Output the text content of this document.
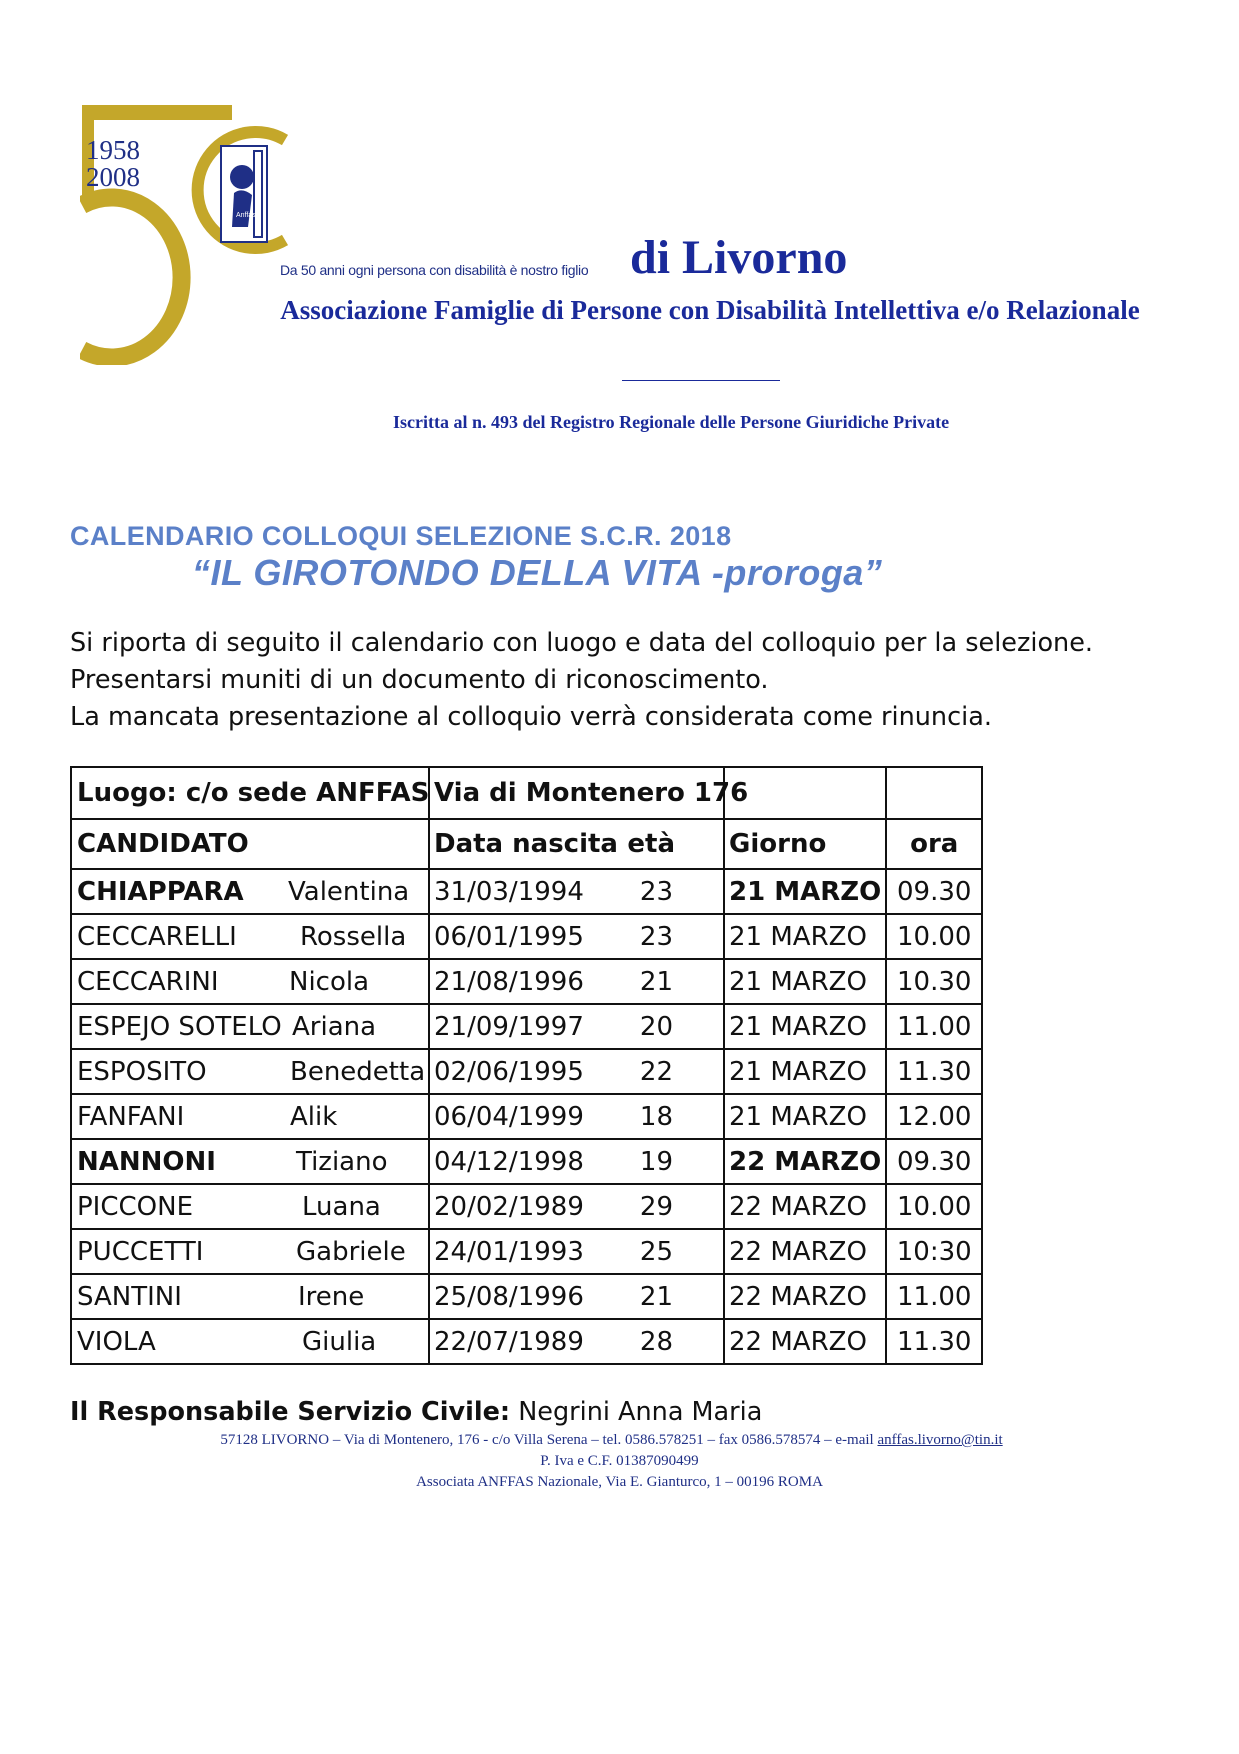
1958
2008
Anffas
Da 50 anni ogni persona con disabilità è nostro figlio di Livorno
Associazione Famiglie di Persone con Disabilità Intellettiva e/o Relazionale
Iscritta al n. 493 del Registro Regionale delle Persone Giuridiche Private
CALENDARIO COLLOQUI SELEZIONE S.C.R. 2018
“IL GIROTONDO DELLA VITA -proroga”

Si riporta di seguito il calendario con luogo e data del colloquio per la selezione.

Presentarsi muniti di un documento di riconoscimento.

La mancata presentazione al colloquio verrà considerata come rinuncia.

Luogo: c/o sede ANFFAS	Via di Montenero 176		

CANDIDATO	Data nascita età	Giorno	ora

CHIAPPARA Valentina	31/03/1994 23	21 MARZO	09.30

CECCARELLI Rossella	06/01/1995 23	21 MARZO	10.00

CECCARINI Nicola	21/08/1996 21	21 MARZO	10.30

ESPEJO SOTELO Ariana	21/09/1997 20	21 MARZO	11.00

ESPOSITO Benedetta	02/06/1995 22	21 MARZO	11.30

FANFANI Alik	06/04/1999 18	21 MARZO	12.00

NANNONI Tiziano	04/12/1998 19	22 MARZO	09.30

PICCONE Luana	20/02/1989 29	22 MARZO	10.00

PUCCETTI Gabriele	24/01/1993 25	22 MARZO	10:30

SANTINI Irene	25/08/1996 21	22 MARZO	11.00

VIOLA Giulia	22/07/1989 28	22 MARZO	11.30
Il Responsabile Servizio Civile: Negrini Anna Maria
57128 LIVORNO – Via di Montenero, 176 - c/o Villa Serena – tel. 0586.578251 – fax 0586.578574 – e-mail anffas.livorno@tin.it
P. Iva e C.F. 01387090499
Associata ANFFAS Nazionale, Via E. Gianturco, 1 – 00196 ROMA
